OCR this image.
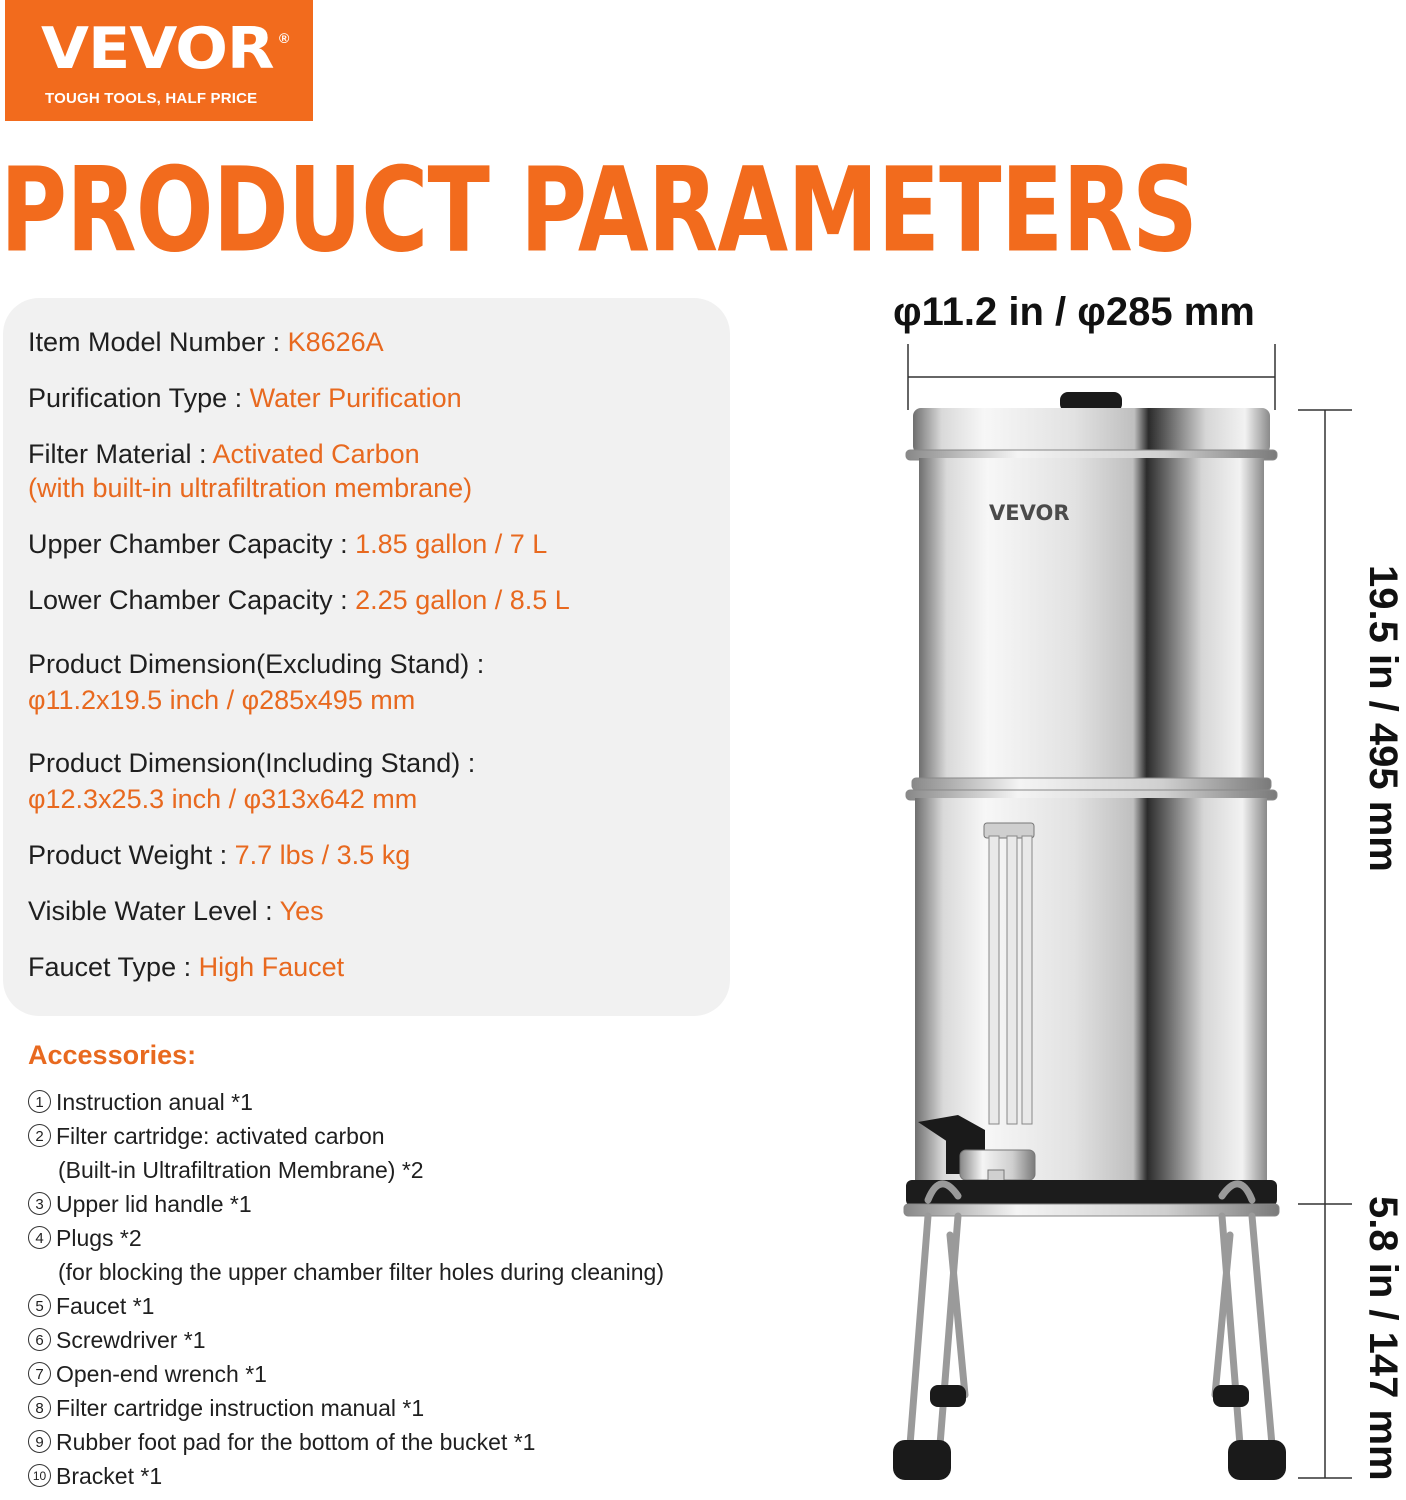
VEVOR ®
TOUGH TOOLS, HALF PRICE
PRODUCT PARAMETERS
Item Model Number : K8626A
Purification Type : Water Purification
Filter Material : Activated Carbon
(with built-in ultrafiltration membrane)
Upper Chamber Capacity : 1.85 gallon / 7 L
Lower Chamber Capacity : 2.25 gallon / 8.5 L
Product Dimension(Excluding Stand) :
φ11.2x19.5 inch / φ285x495 mm
Product Dimension(Including Stand) :
φ12.3x25.3 inch / φ313x642 mm
Product Weight : 7.7 lbs / 3.5 kg
Visible Water Level : Yes
Faucet Type : High Faucet
Accessories:
1 Instruction anual *1
2 Filter cartridge: activated carbon
(Built-in Ultrafiltration Membrane) *2
3 Upper lid handle *1
4 Plugs *2
(for blocking the upper chamber filter holes during cleaning)
5 Faucet *1
6 Screwdriver *1
7 Open-end wrench *1
8 Filter cartridge instruction manual *1
9 Rubber foot pad for the bottom of the bucket *1
10 Bracket *1
VEVOR
φ11.2 in / φ285 mm
19.5 in / 495 mm
5.8 in / 147 mm
